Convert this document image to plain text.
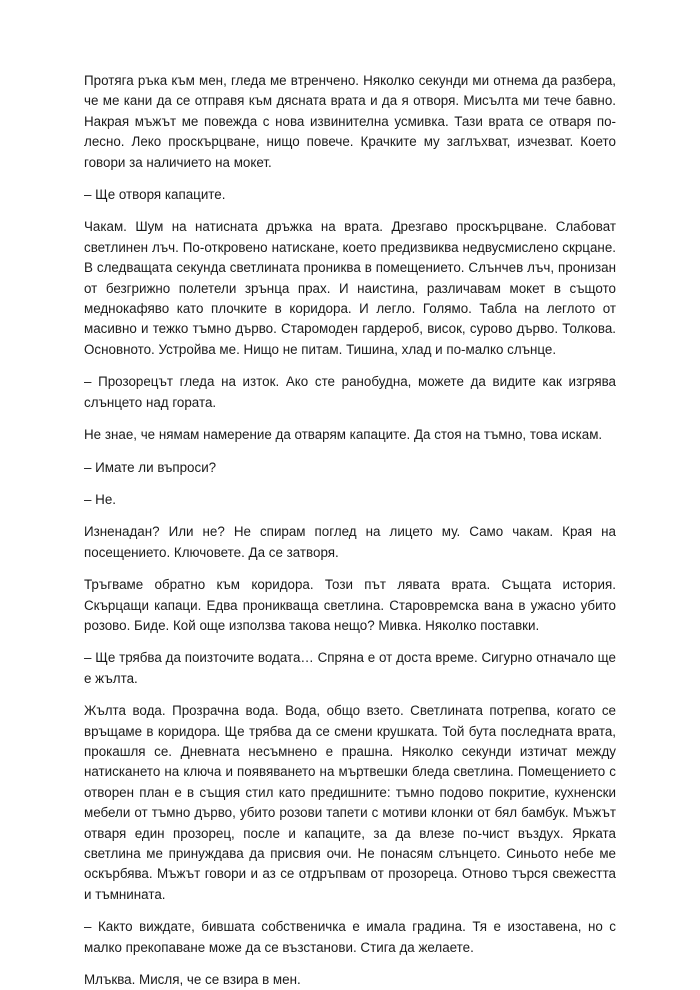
Протяга ръка към мен, гледа ме втренчено. Няколко секунди ми отнема да разбера, че ме кани да се отправя към дясната врата и да я отворя. Мисълта ми тече бавно. Накрая мъжът ме повежда с нова извинителна усмивка. Тази врата се отваря по-лесно. Леко проскърцване, нищо повече. Крачките му заглъхват, изчезват. Което говори за наличието на мокет.

– Ще отворя капаците.

Чакам. Шум на натисната дръжка на врата. Дрезгаво проскърцване. Слабоват светлинен лъч. По-откровено натискане, което предизвиква недвусмислено скрцане. В следващата секунда светлината прониква в помещението. Слънчев лъч, пронизан от безгрижно полетели зрънца прах. И наистина, различавам мокет в същото меднокафяво като плочките в коридора. И легло. Голямо. Табла на леглото от масивно и тежко тъмно дърво. Старомоден гардероб, висок, сурово дърво. Толкова. Основното. Устройва ме. Нищо не питам. Тишина, хлад и по-малко слънце.

– Прозорецът гледа на изток. Ако сте ранобудна, можете да видите как изгрява слънцето над гората.

Не знае, че нямам намерение да отварям капаците. Да стоя на тъмно, това искам.

– Имате ли въпроси?

– Не.

Изненадан? Или не? Не спирам поглед на лицето му. Само чакам. Края на посещението. Ключовете. Да се затворя.

Тръгваме обратно към коридора. Този път лявата врата. Същата история. Скърцащи капаци. Едва проникваща светлина. Старовремска вана в ужасно убито розово. Биде. Кой още използва такова нещо? Мивка. Няколко поставки.

– Ще трябва да поизточите водата… Спряна е от доста време. Сигурно отначало ще е жълта.

Жълта вода. Прозрачна вода. Вода, общо взето. Светлината потрепва, когато се връщаме в коридора. Ще трябва да се смени крушката. Той бута последната врата, прокашля се. Дневната несъмнено е прашна. Няколко секунди изтичат между натискането на ключа и появяването на мъртвешки бледа светлина. Помещението с отворен план е в същия стил като предишните: тъмно подово покритие, кухненски мебели от тъмно дърво, убито розови тапети с мотиви клонки от бял бамбук. Мъжът отваря един прозорец, после и капаците, за да влезе по-чист въздух. Ярката светлина ме принуждава да присвия очи. Не понасям слънцето. Синьото небе ме оскърбява. Мъжът говори и аз се отдръпвам от прозореца. Отново търся свежестта и тъмнината.

– Както виждате, бившата собственичка е имала градина. Тя е изоставена, но с малко прекопаване може да се възстанови. Стига да желаете.

Млъква. Мисля, че се взира в мен.
